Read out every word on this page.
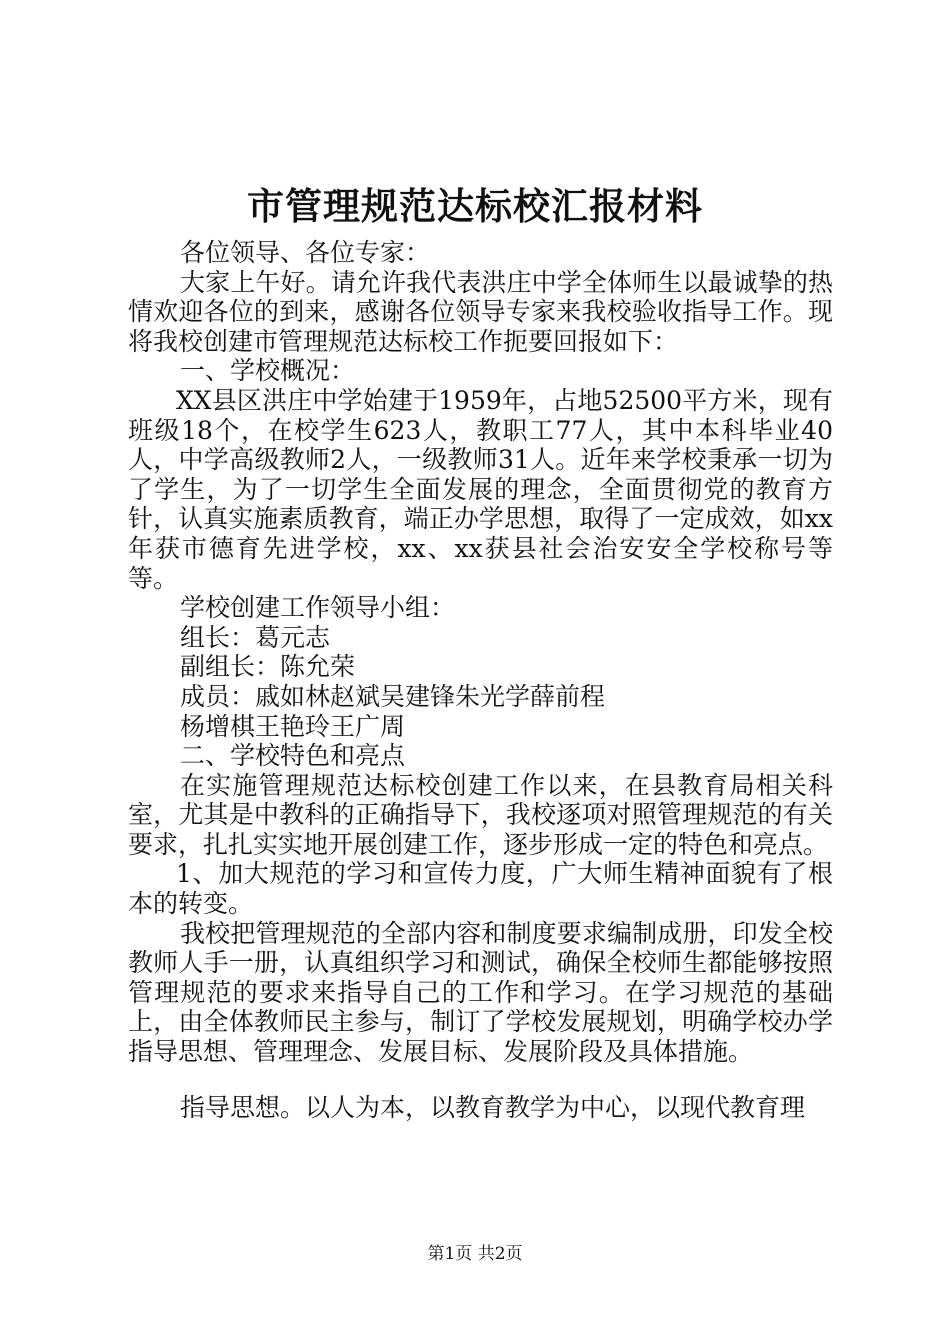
市管理规范达标校汇报材料

各位领导、各位专家：

大家上午好。请允许我代表洪庄中学全体师生以最诚挚的热情欢迎各位的到来，感谢各位领导专家来我校验收指导工作。现将我校创建市管理规范达标校工作扼要回报如下：

一、学校概况：

XX县区洪庄中学始建于1959年，占地52500平方米，现有班级18个，在校学生623人，教职工77人，其中本科毕业40人，中学高级教师2人，一级教师31人。近年来学校秉承一切为了学生，为了一切学生全面发展的理念，全面贯彻党的教育方针，认真实施素质教育，端正办学思想，取得了一定成效，如xx年获市德育先进学校，xx、xx获县社会治安安全学校称号等等。

学校创建工作领导小组：

组长：葛元志

副组长：陈允荣

成员：戚如林赵斌吴建锋朱光学薛前程

杨增棋王艳玲王广周

二、学校特色和亮点

在实施管理规范达标校创建工作以来，在县教育局相关科室，尤其是中教科的正确指导下，我校逐项对照管理规范的有关要求，扎扎实实地开展创建工作，逐步形成一定的特色和亮点。

1、加大规范的学习和宣传力度，广大师生精神面貌有了根本的转变。

我校把管理规范的全部内容和制度要求编制成册，印发全校教师人手一册，认真组织学习和测试，确保全校师生都能够按照管理规范的要求来指导自己的工作和学习。在学习规范的基础上，由全体教师民主参与，制订了学校发展规划，明确学校办学指导思想、管理理念、发展目标、发展阶段及具体措施。

指导思想。以人为本，以教育教学为中心，以现代教育理

第1页 共2页
